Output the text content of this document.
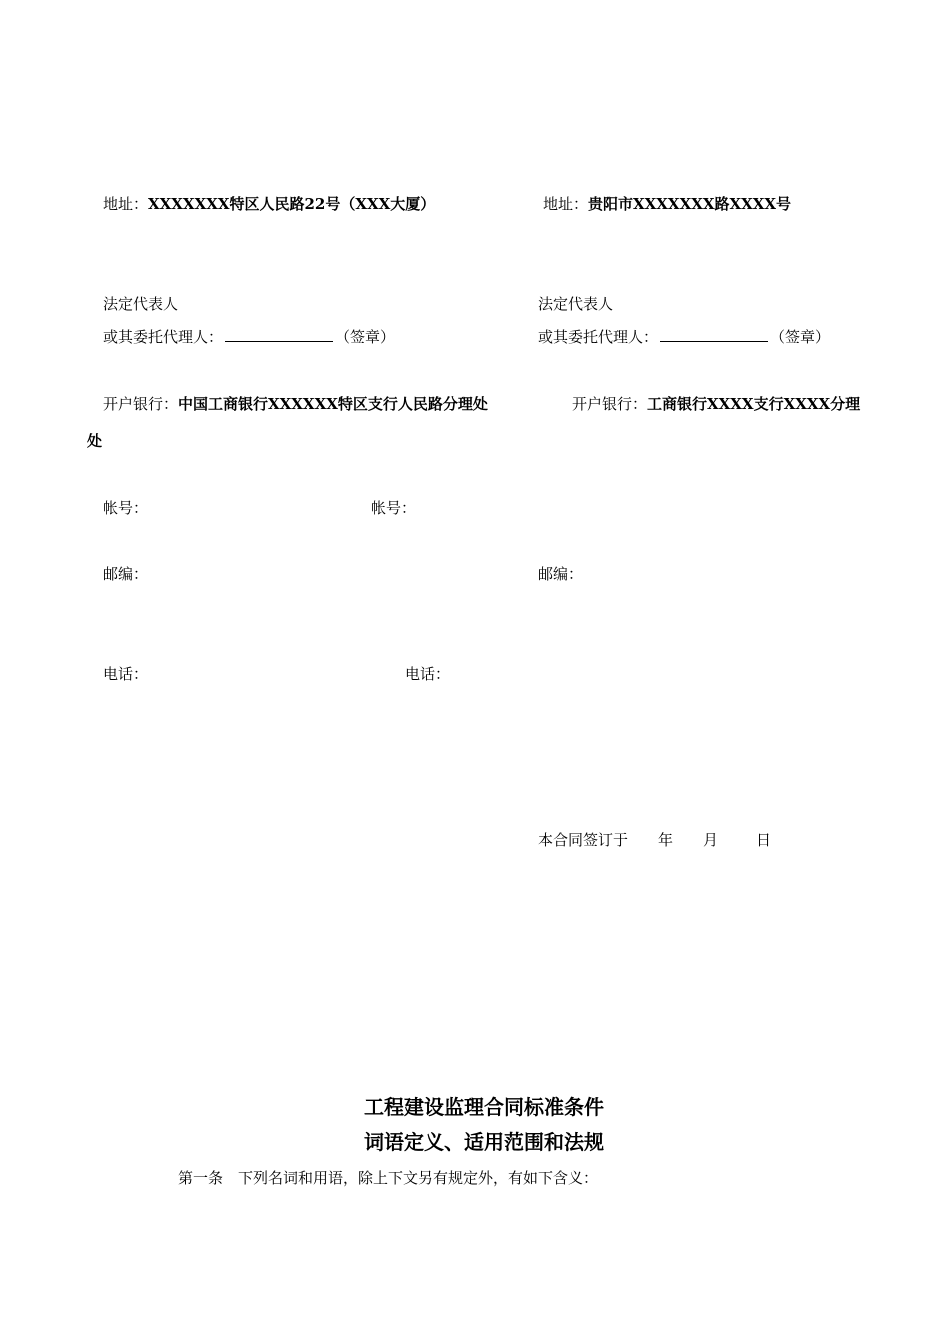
地址：XXXXXXX特区人民路22号（XXX大厦）	地址：贵阳市XXXXXXX路XXXX号
法定代表人	法定代表人
或其委托代理人：	（签章）	或其委托代理人：	（签章）
开户银行：中国工商银行XXXXXX特区支行人民路分理处	开户银行：工商银行XXXX支行XXXX分理
处
帐号：	帐号：
邮编：	邮编：
电话：	电话：
本合同签订于 年 月	日
工程建设监理合同标准条件
词语定义、适用范围和法规
第一条　下列名词和用语，除上下文另有规定外，有如下含义：
